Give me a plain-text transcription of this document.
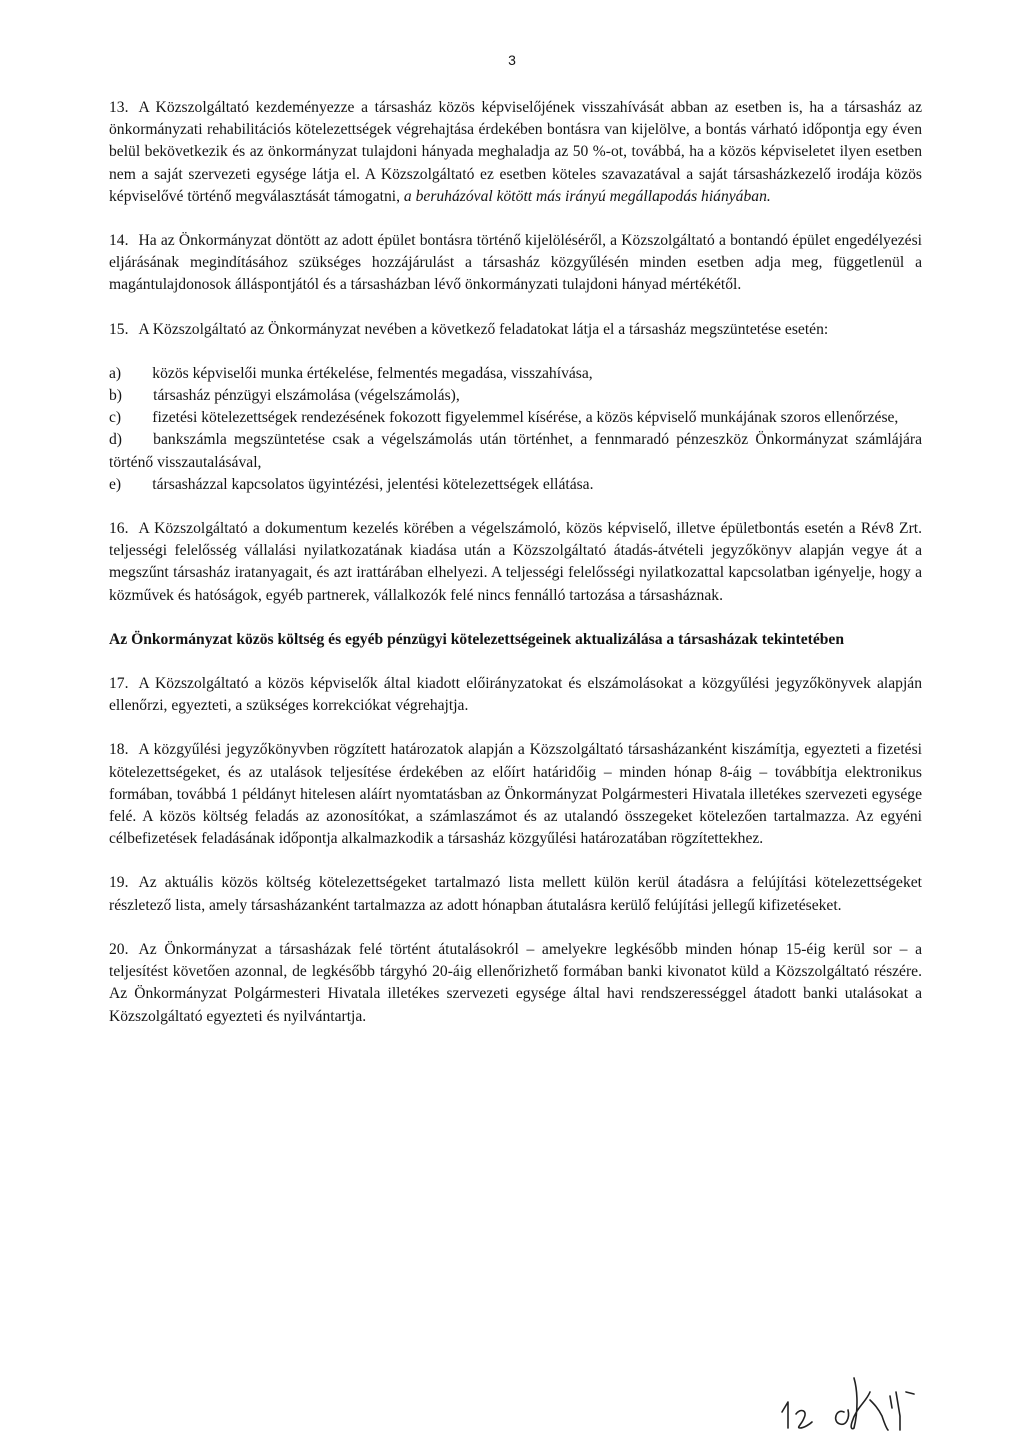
3

13. A Közszolgáltató kezdeményezze a társasház közös képviselőjének visszahívását abban az esetben is, ha a társasház az önkormányzati rehabilitációs kötelezettségek végrehajtása érdekében bontásra van kijelölve, a bontás várható időpontja egy éven belül bekövetkezik és az önkormányzat tulajdoni hányada meghaladja az 50 %-ot, továbbá, ha a közös képviseletet ilyen esetben nem a saját szervezeti egysége látja el. A Közszolgáltató ez esetben köteles szavazatával a saját társasházkezelő irodája közös képviselővé történő megválasztását támogatni, a beruházóval kötött más irányú megállapodás hiányában.

14. Ha az Önkormányzat döntött az adott épület bontásra történő kijelöléséről, a Közszolgáltató a bontandó épület engedélyezési eljárásának megindításához szükséges hozzájárulást a társasház közgyűlésén minden esetben adja meg, függetlenül a magántulajdonosok álláspontjától és a társasházban lévő önkormányzati tulajdoni hányad mértékétől.

15. A Közszolgáltató az Önkormányzat nevében a következő feladatokat látja el a társasház megszüntetése esetén:

a)  közös képviselői munka értékelése, felmentés megadása, visszahívása,

b)  társasház pénzügyi elszámolása (végelszámolás),

c)  fizetési kötelezettségek rendezésének fokozott figyelemmel kísérése, a közös képviselő munkájának szoros ellenőrzése,

d)  bankszámla megszüntetése csak a végelszámolás után történhet, a fennmaradó pénzeszköz Önkormányzat számlájára történő visszautalásával,

e)  társasházzal kapcsolatos ügyintézési, jelentési kötelezettségek ellátása.

16. A Közszolgáltató a dokumentum kezelés körében a végelszámoló, közös képviselő, illetve épületbontás esetén a Rév8 Zrt. teljességi felelősség vállalási nyilatkozatának kiadása után a Közszolgáltató átadás-átvételi jegyzőkönyv alapján vegye át a megszűnt társasház iratanyagait, és azt irattárában elhelyezi. A teljességi felelősségi nyilatkozattal kapcsolatban igényelje, hogy a közművek és hatóságok, egyéb partnerek, vállalkozók felé nincs fennálló tartozása a társasháznak.

Az Önkormányzat közös költség és egyéb pénzügyi kötelezettségeinek aktualizálása a társasházak tekintetében

17. A Közszolgáltató a közös képviselők által kiadott előirányzatokat és elszámolásokat a közgyűlési jegyzőkönyvek alapján ellenőrzi, egyezteti, a szükséges korrekciókat végrehajtja.

18. A közgyűlési jegyzőkönyvben rögzített határozatok alapján a Közszolgáltató társasházanként kiszámítja, egyezteti a fizetési kötelezettségeket, és az utalások teljesítése érdekében az előírt határidőig – minden hónap 8-áig – továbbítja elektronikus formában, továbbá 1 példányt hitelesen aláírt nyomtatásban az Önkormányzat Polgármesteri Hivatala illetékes szervezeti egysége felé. A közös költség feladás az azonosítókat, a számlaszámot és az utalandó összegeket kötelezően tartalmazza. Az egyéni célbefizetések feladásának időpontja alkalmazkodik a társasház közgyűlési határozatában rögzítettekhez.

19. Az aktuális közös költség kötelezettségeket tartalmazó lista mellett külön kerül átadásra a felújítási kötelezettségeket részletező lista, amely társasházanként tartalmazza az adott hónapban átutalásra kerülő felújítási jellegű kifizetéseket.

20. Az Önkormányzat a társasházak felé történt átutalásokról – amelyekre legkésőbb minden hónap 15-éig kerül sor – a teljesítést követően azonnal, de legkésőbb tárgyhó 20-áig ellenőrizhető formában banki kivonatot küld a Közszolgáltató részére. Az Önkormányzat Polgármesteri Hivatala illetékes szervezeti egysége által havi rendszerességgel átadott banki utalásokat a Közszolgáltató egyezteti és nyilvántartja.
